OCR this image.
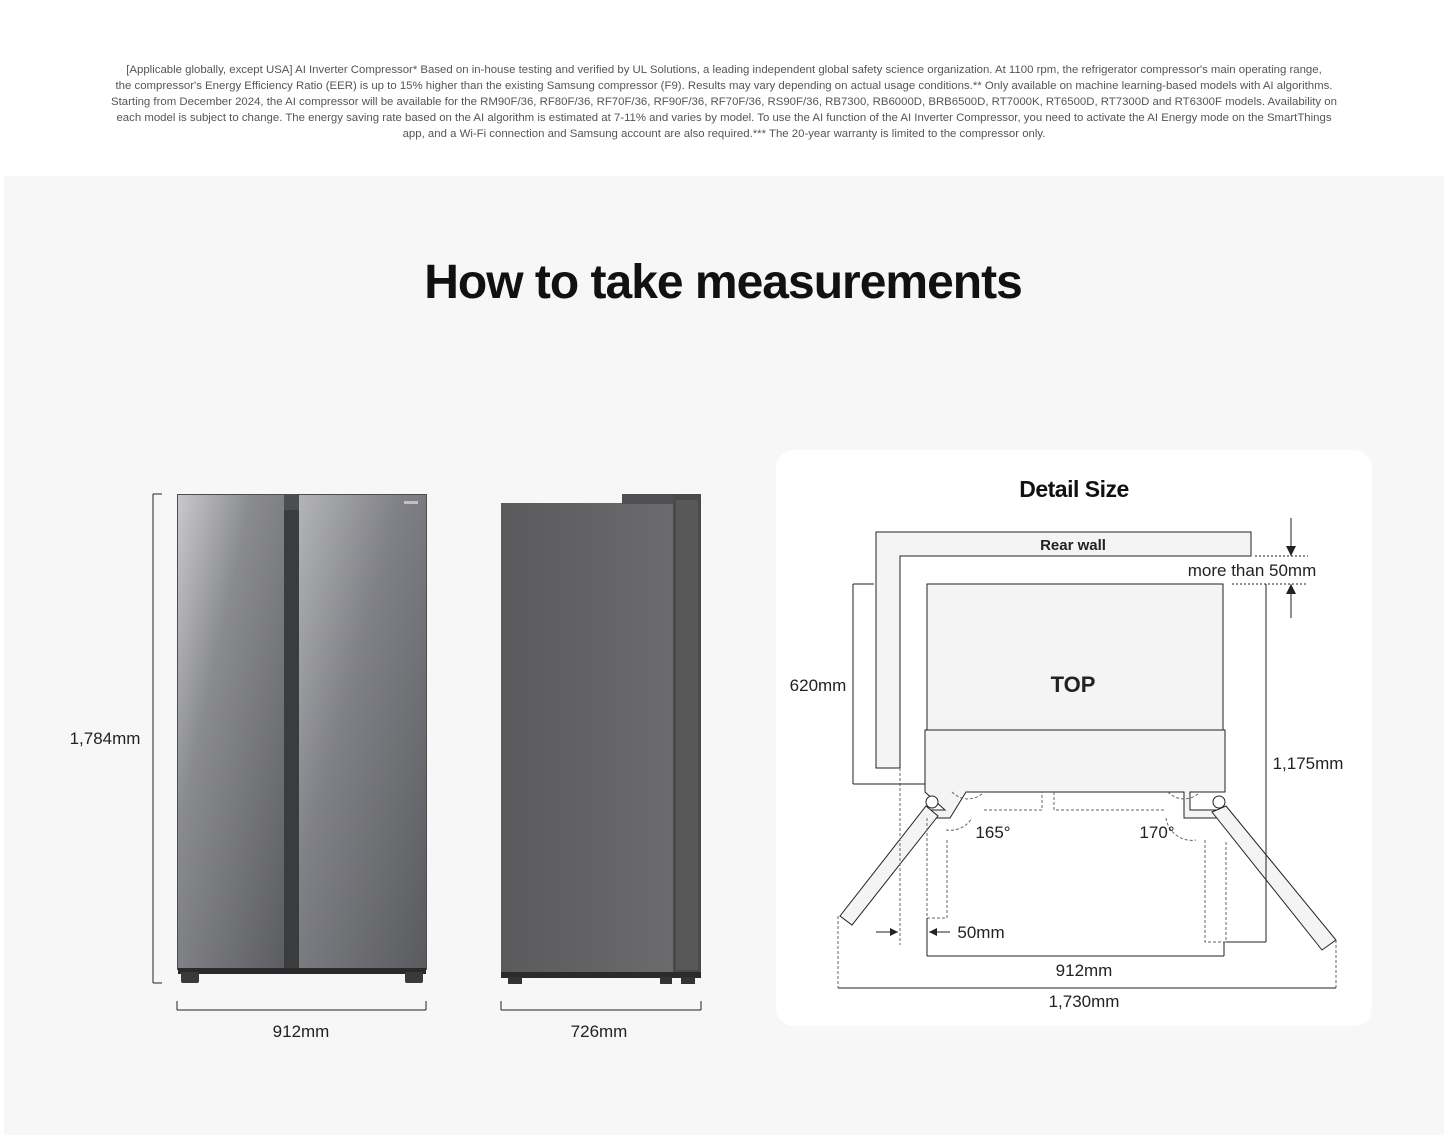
[Applicable globally, except USA] AI Inverter Compressor* Based on in-house testing and verified by UL Solutions, a leading independent global safety science organization. At 1100 rpm, the refrigerator compressor's main operating range,
the compressor's Energy Efficiency Ratio (EER) is up to 15% higher than the existing Samsung compressor (F9). Results may vary depending on actual usage conditions.** Only available on machine learning-based models with AI algorithms.
Starting from December 2024, the AI compressor will be available for the RM90F/36, RF80F/36, RF70F/36, RF90F/36, RF70F/36, RS90F/36, RB7300, RB6000D, BRB6500D, RT7000K, RT6500D, RT7300D and RT6300F models. Availability on
each model is subject to change. The energy saving rate based on the AI algorithm is estimated at 7-11% and varies by model. To use the AI function of the AI Inverter Compressor, you need to activate the AI Energy mode on the SmartThings
app, and a Wi-Fi connection and Samsung account are also required.*** The 20-year warranty is limited to the compressor only.
How to take measurements
Detail Size
1,784mm
912mm	726mm
Rear wall
more than 50mm
TOP
165°	170°
620mm
1,175mm
50mm
912mm
1,730mm
